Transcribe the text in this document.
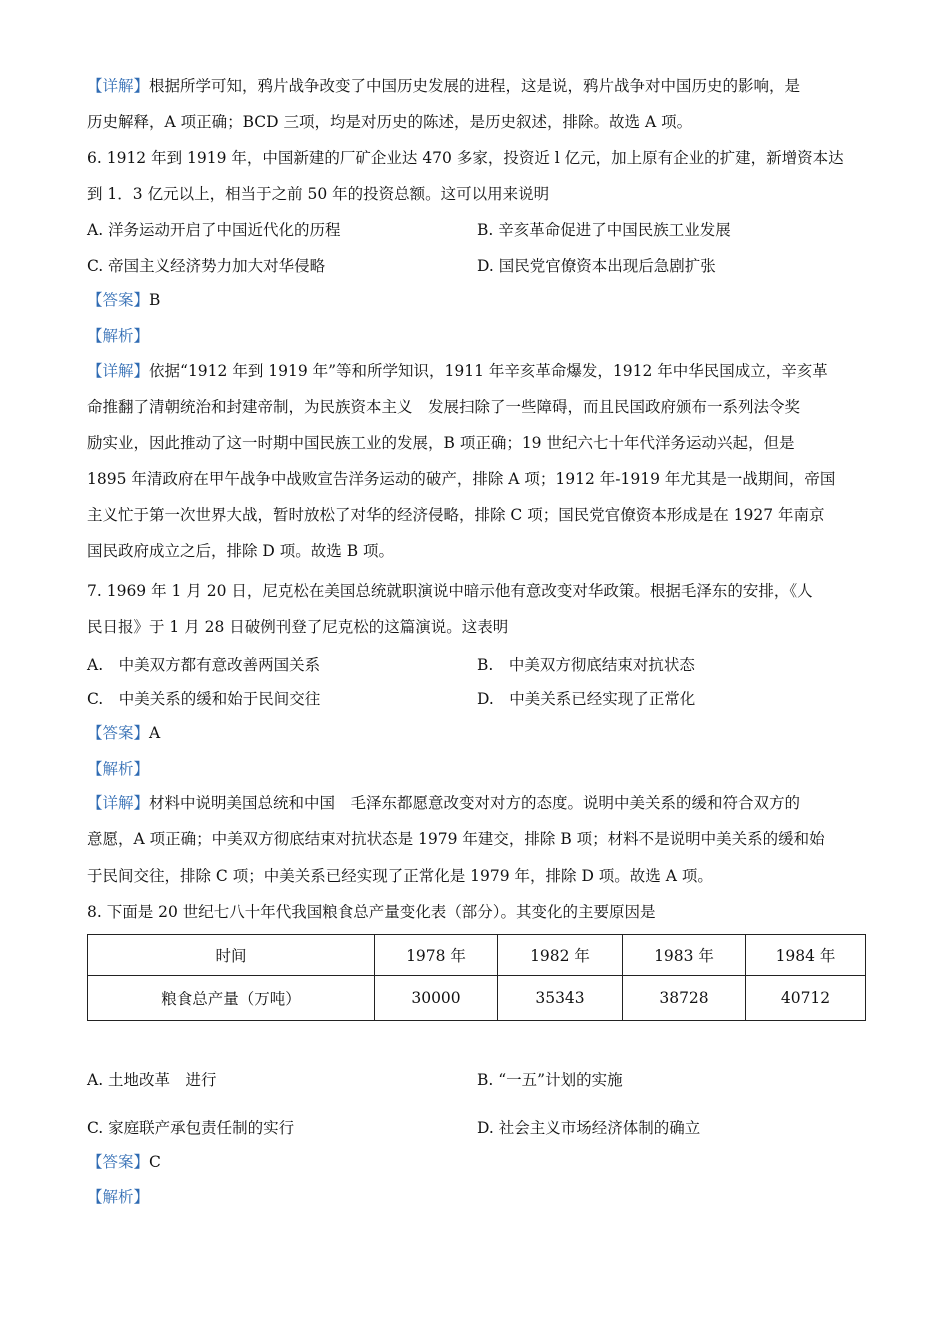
【详解】根据所学可知，鸦片战争改变了中国历史发展的进程，这是说，鸦片战争对中国历史的影响，是
历史解释，A 项正确；BCD 三项，均是对历史的陈述，是历史叙述，排除。故选 A 项。
6. 1912 年到 1919 年，中国新建的厂矿企业达 470 多家，投资近 l 亿元，加上原有企业的扩建，新增资本达
到 1．3 亿元以上，相当于之前 50 年的投资总额。这可以用来说明
A. 洋务运动开启了中国近代化的历程	B. 辛亥革命促进了中国民族工业发展
C. 帝国主义经济势力加大对华侵略	D. 国民党官僚资本出现后急剧扩张
【答案】B
【解析】
【详解】依据“1912 年到 1919 年”等和所学知识，1911 年辛亥革命爆发，1912 年中华民国成立，辛亥革
命推翻了清朝统治和封建帝制，为民族资本主义　发展扫除了一些障碍，而且民国政府颁布一系列法令奖
励实业，因此推动了这一时期中国民族工业的发展，B 项正确；19 世纪六七十年代洋务运动兴起，但是
1895 年清政府在甲午战争中战败宣告洋务运动的破产，排除 A 项；1912 年-1919 年尤其是一战期间，帝国
主义忙于第一次世界大战，暂时放松了对华的经济侵略，排除 C 项；国民党官僚资本形成是在 1927 年南京
国民政府成立之后，排除 D 项。故选 B 项。
7. 1969 年 1 月 20 日，尼克松在美国总统就职演说中暗示他有意改变对华政策。根据毛泽东的安排，《人
民日报》于 1 月 28 日破例刊登了尼克松的这篇演说。这表明
A.　中美双方都有意改善两国关系	B.　中美双方彻底结束对抗状态
C.　中美关系的缓和始于民间交往	D.　中美关系已经实现了正常化
【答案】A
【解析】
【详解】材料中说明美国总统和中国　毛泽东都愿意改变对对方的态度。说明中美关系的缓和符合双方的
意愿，A 项正确；中美双方彻底结束对抗状态是 1979 年建交，排除 B 项；材料不是说明中美关系的缓和始
于民间交往，排除 C 项；中美关系已经实现了正常化是 1979 年，排除 D 项。故选 A 项。
8. 下面是 20 世纪七八十年代我国粮食总产量变化表（部分）。其变化的主要原因是
时间	1978 年	1982 年	1983 年	1984 年
粮食总产量（万吨）	30000	35343	38728	40712
A. 土地改革　进行	B. “一五”计划的实施
C. 家庭联产承包责任制的实行	D. 社会主义市场经济体制的确立
【答案】C
【解析】
